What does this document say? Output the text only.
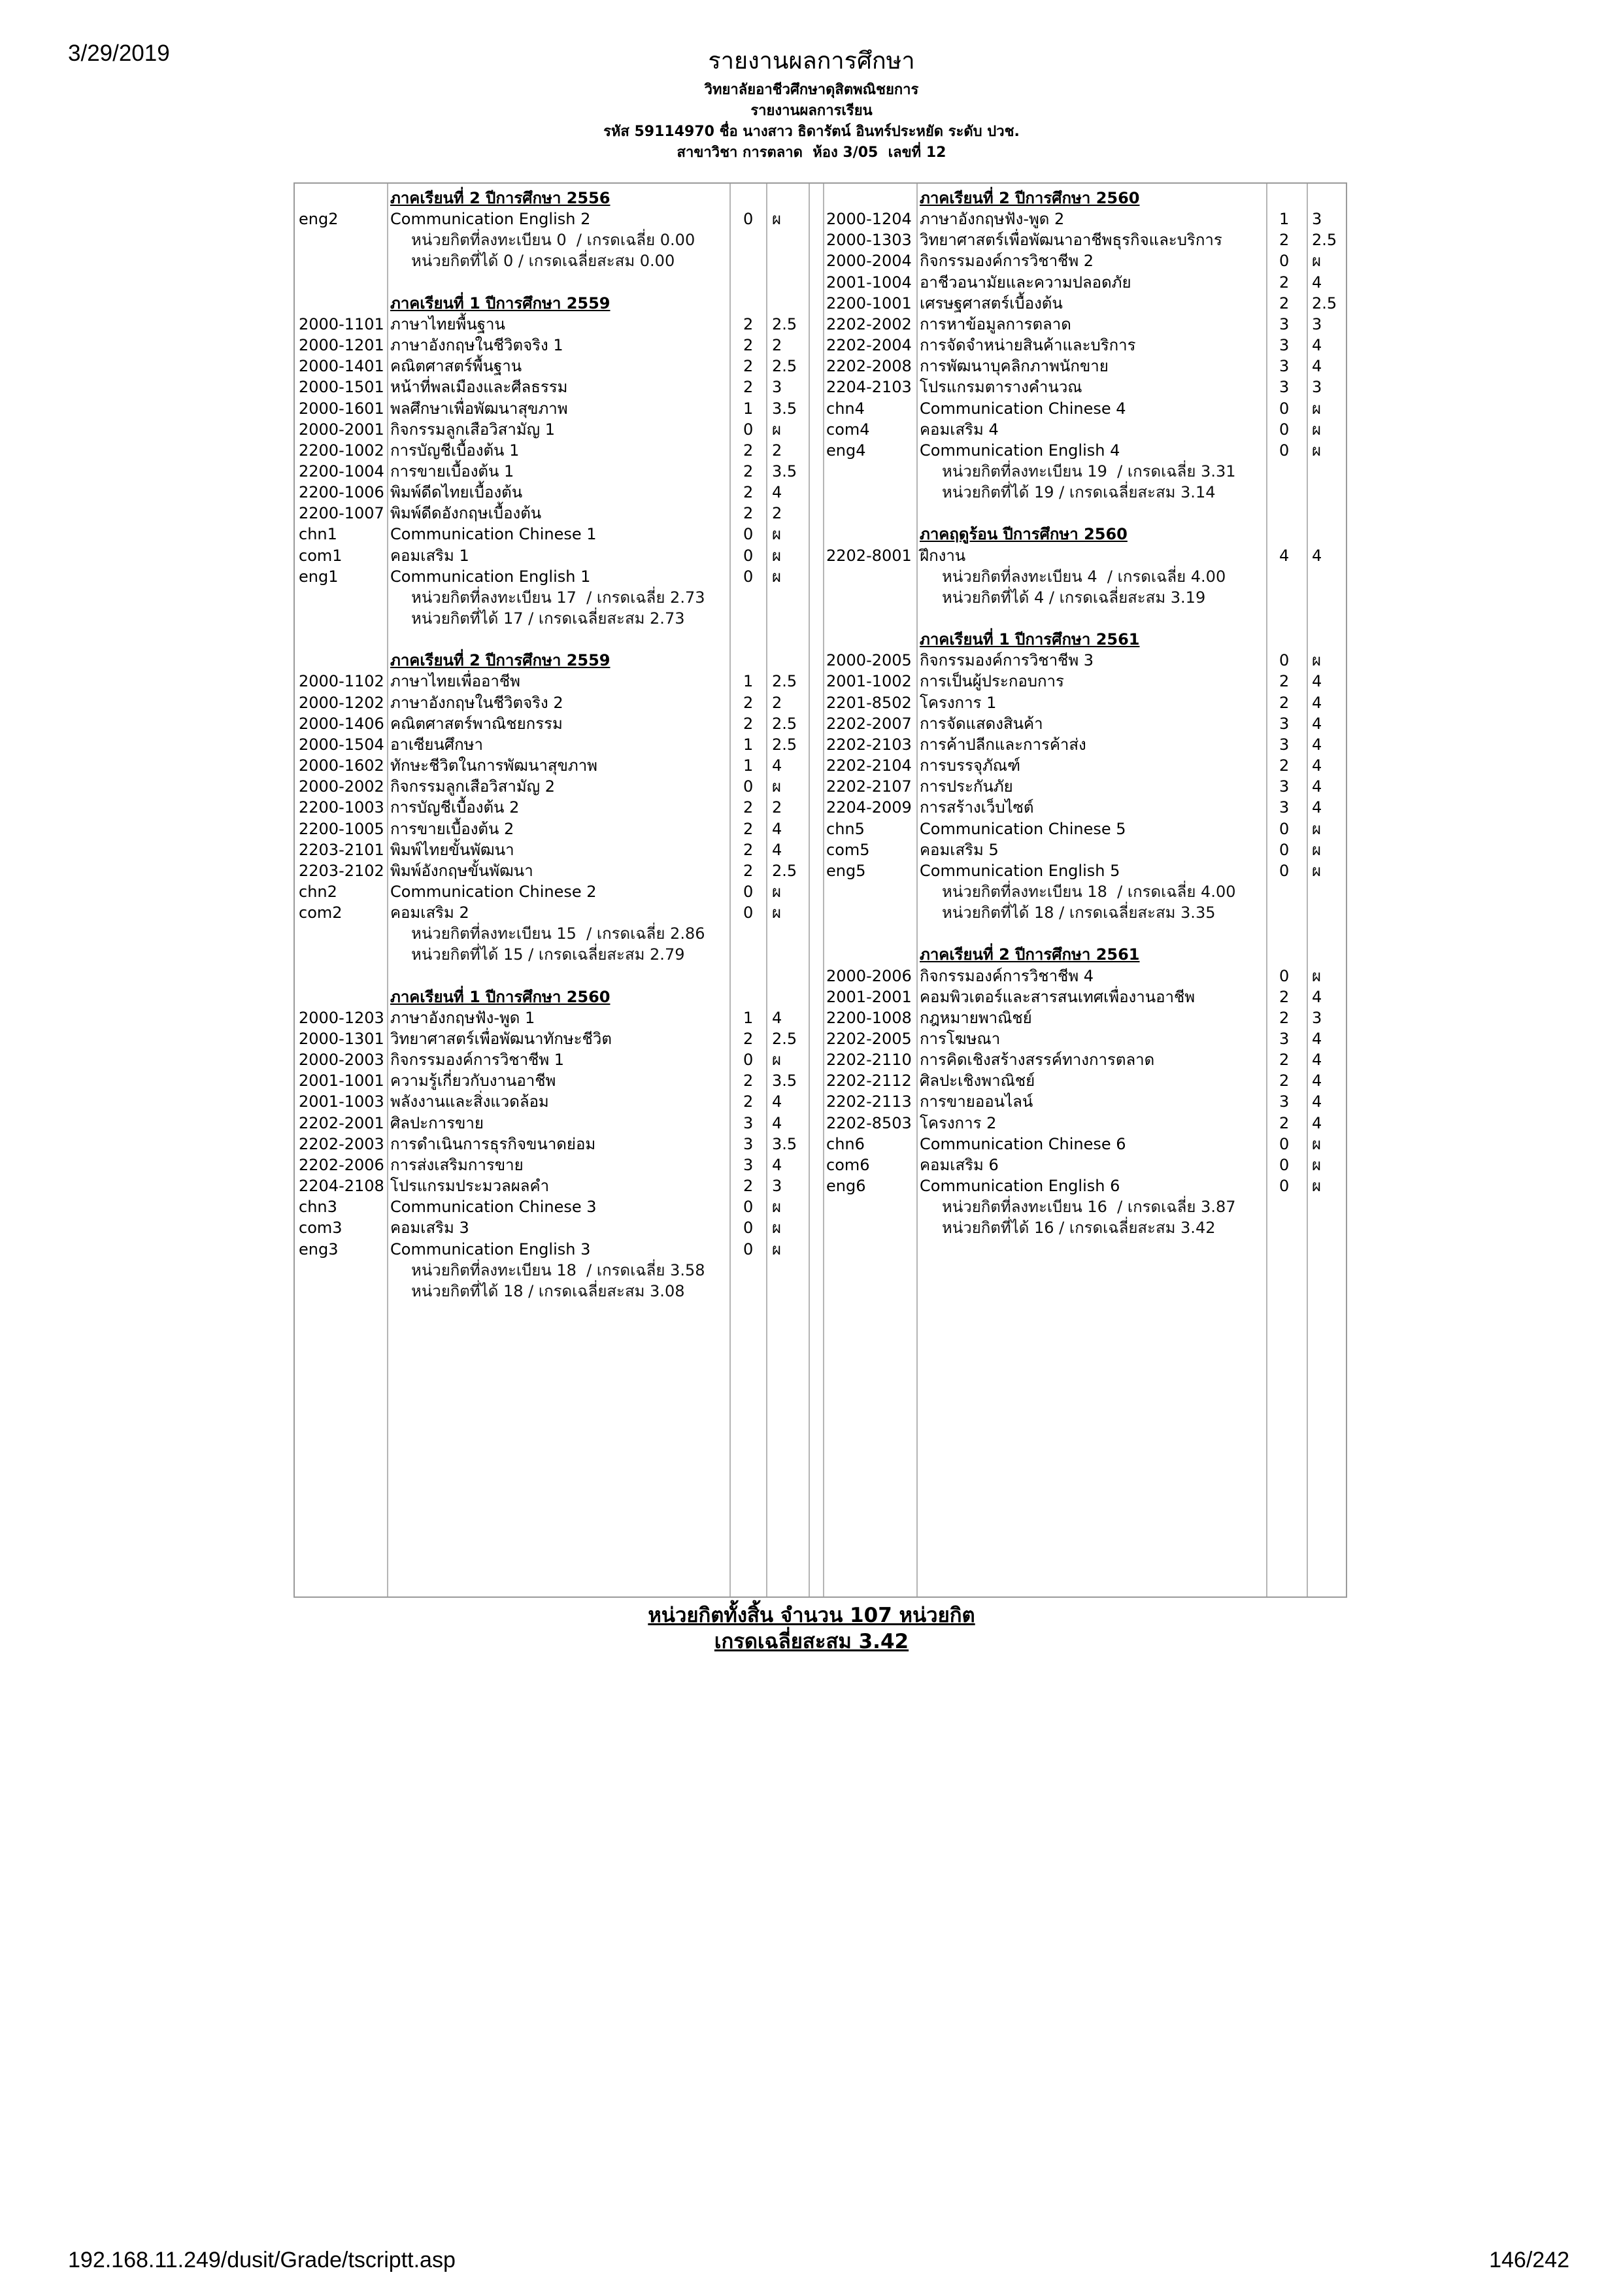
3/29/2019	รายงานผลการศึกษา
วิทยาลัยอาชีวศึกษาดุสิตพณิชยการ
รายงานผลการเรียน
รหัส 59114970 ชื่อ นางสาว ธิดารัตน์ อินทร์ประหยัด ระดับ ปวช.
สาขาวิชา การตลาด  ห้อง 3/05  เลขที่ 12
ภาคเรียนที่ 2 ปีการศึกษา 2556
eng2	Communication English 2	0 ผ
หน่วยกิตที่ลงทะเบียน 0  / เกรดเฉลี่ย 0.00
หน่วยกิตที่ได้ 0 / เกรดเฉลี่ยสะสม 0.00
ภาคเรียนที่ 1 ปีการศึกษา 2559
2000-1101 ภาษาไทยพื้นฐาน	2 2.5
2000-1201 ภาษาอังกฤษในชีวิตจริง 1	2 2
2000-1401 คณิตศาสตร์พื้นฐาน	2 2.5
2000-1501 หน้าที่พลเมืองและศีลธรรม	2 3
2000-1601 พลศึกษาเพื่อพัฒนาสุขภาพ	1 3.5
2000-2001 กิจกรรมลูกเสือวิสามัญ 1	0 ผ
2200-1002 การบัญชีเบื้องต้น 1	2 2
2200-1004 การขายเบื้องต้น 1	2 3.5
2200-1006 พิมพ์ดีดไทยเบื้องต้น	2 4
2200-1007 พิมพ์ดีดอังกฤษเบื้องต้น	2 2
chn1	Communication Chinese 1	0 ผ
com1	คอมเสริม 1	0 ผ
eng1	Communication English 1	0 ผ
หน่วยกิตที่ลงทะเบียน 17  / เกรดเฉลี่ย 2.73
หน่วยกิตที่ได้ 17 / เกรดเฉลี่ยสะสม 2.73
ภาคเรียนที่ 2 ปีการศึกษา 2559
2000-1102 ภาษาไทยเพื่ออาชีพ	1 2.5
2000-1202 ภาษาอังกฤษในชีวิตจริง 2	2 2
2000-1406 คณิตศาสตร์พาณิชยกรรม	2 2.5
2000-1504 อาเซียนศึกษา	1 2.5
2000-1602 ทักษะชีวิตในการพัฒนาสุขภาพ	1 4
2000-2002 กิจกรรมลูกเสือวิสามัญ 2	0 ผ
2200-1003 การบัญชีเบื้องต้น 2	2 2
2200-1005 การขายเบื้องต้น 2	2 4
2203-2101 พิมพ์ไทยขั้นพัฒนา	2 4
2203-2102 พิมพ์อังกฤษขั้นพัฒนา	2 2.5
chn2	Communication Chinese 2	0 ผ
com2	คอมเสริม 2	0 ผ
หน่วยกิตที่ลงทะเบียน 15  / เกรดเฉลี่ย 2.86
หน่วยกิตที่ได้ 15 / เกรดเฉลี่ยสะสม 2.79
ภาคเรียนที่ 1 ปีการศึกษา 2560
2000-1203 ภาษาอังกฤษฟัง-พูด 1	1 4
2000-1301 วิทยาศาสตร์เพื่อพัฒนาทักษะชีวิต	2 2.5
2000-2003 กิจกรรมองค์การวิชาชีพ 1	0 ผ
2001-1001 ความรู้เกี่ยวกับงานอาชีพ	2 3.5
2001-1003 พลังงานและสิ่งแวดล้อม	2 4
2202-2001 ศิลปะการขาย	3 4
2202-2003 การดำเนินการธุรกิจขนาดย่อม	3 3.5
2202-2006 การส่งเสริมการขาย	3 4
2204-2108 โปรแกรมประมวลผลคำ	2 3
chn3	Communication Chinese 3	0 ผ
com3	คอมเสริม 3	0 ผ
eng3	Communication English 3	0 ผ
หน่วยกิตที่ลงทะเบียน 18  / เกรดเฉลี่ย 3.58
หน่วยกิตที่ได้ 18 / เกรดเฉลี่ยสะสม 3.08
ภาคเรียนที่ 2 ปีการศึกษา 2560
2000-1204 ภาษาอังกฤษฟัง-พูด 2	1 3
2000-1303 วิทยาศาสตร์เพื่อพัฒนาอาชีพธุรกิจและบริการ	2 2.5
2000-2004 กิจกรรมองค์การวิชาชีพ 2	0 ผ
2001-1004 อาชีวอนามัยและความปลอดภัย	2 4
2200-1001 เศรษฐศาสตร์เบื้องต้น	2 2.5
2202-2002 การหาข้อมูลการตลาด	3 3
2202-2004 การจัดจำหน่ายสินค้าและบริการ	3 4
2202-2008 การพัฒนาบุคลิกภาพนักขาย	3 4
2204-2103 โปรแกรมตารางคำนวณ	3 3
chn4	Communication Chinese 4	0 ผ
com4	คอมเสริม 4	0 ผ
eng4	Communication English 4	0 ผ
หน่วยกิตที่ลงทะเบียน 19  / เกรดเฉลี่ย 3.31
หน่วยกิตที่ได้ 19 / เกรดเฉลี่ยสะสม 3.14
ภาคฤดูร้อน ปีการศึกษา 2560
2202-8001 ฝึกงาน	4 4
หน่วยกิตที่ลงทะเบียน 4  / เกรดเฉลี่ย 4.00
หน่วยกิตที่ได้ 4 / เกรดเฉลี่ยสะสม 3.19
ภาคเรียนที่ 1 ปีการศึกษา 2561
2000-2005 กิจกรรมองค์การวิชาชีพ 3	0 ผ
2001-1002 การเป็นผู้ประกอบการ	2 4
2201-8502 โครงการ 1	2 4
2202-2007 การจัดแสดงสินค้า	3 4
2202-2103 การค้าปลีกและการค้าส่ง	3 4
2202-2104 การบรรจุภัณฑ์	2 4
2202-2107 การประกันภัย	3 4
2204-2009 การสร้างเว็บไซต์	3 4
chn5	Communication Chinese 5	0 ผ
com5	คอมเสริม 5	0 ผ
eng5	Communication English 5	0 ผ
หน่วยกิตที่ลงทะเบียน 18  / เกรดเฉลี่ย 4.00
หน่วยกิตที่ได้ 18 / เกรดเฉลี่ยสะสม 3.35
ภาคเรียนที่ 2 ปีการศึกษา 2561
2000-2006 กิจกรรมองค์การวิชาชีพ 4	0 ผ
2001-2001 คอมพิวเตอร์และสารสนเทศเพื่องานอาชีพ	2 4
2200-1008 กฎหมายพาณิชย์	2 3
2202-2005 การโฆษณา	3 4
2202-2110 การคิดเชิงสร้างสรรค์ทางการตลาด	2 4
2202-2112 ศิลปะเชิงพาณิชย์	2 4
2202-2113 การขายออนไลน์	3 4
2202-8503 โครงการ 2	2 4
chn6	Communication Chinese 6	0 ผ
com6	คอมเสริม 6	0 ผ
eng6	Communication English 6	0 ผ
หน่วยกิตที่ลงทะเบียน 16  / เกรดเฉลี่ย 3.87
หน่วยกิตที่ได้ 16 / เกรดเฉลี่ยสะสม 3.42
หน่วยกิตทั้งสิ้น จำนวน 107 หน่วยกิต
เกรดเฉลี่ยสะสม 3.42
192.168.11.249/dusit/Grade/tscriptt.asp	146/242
